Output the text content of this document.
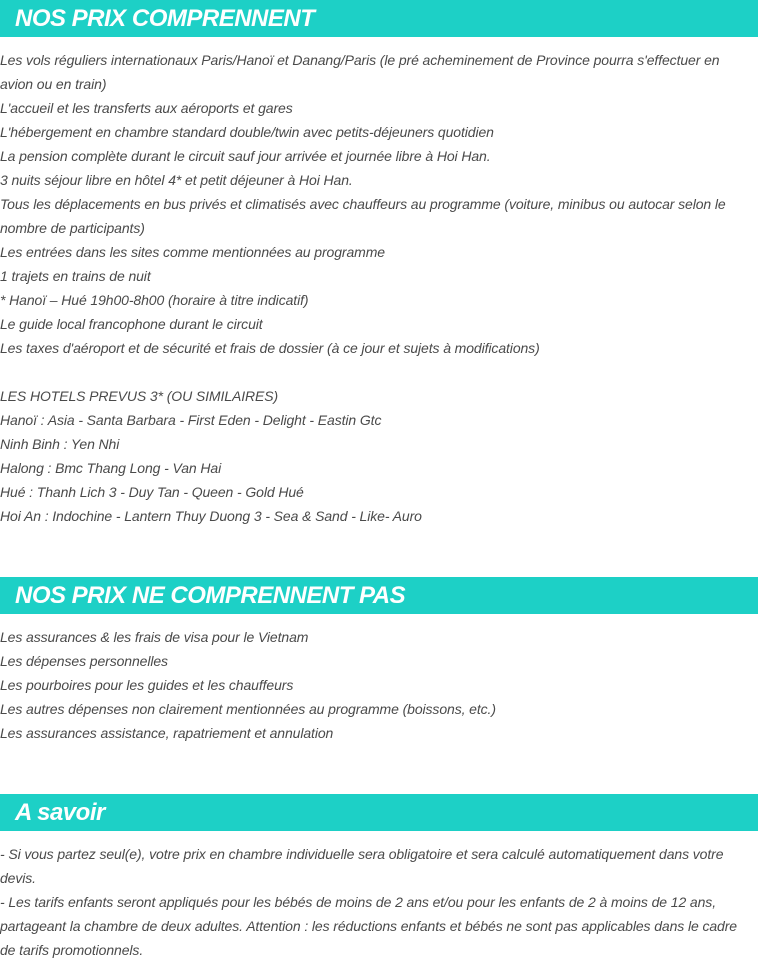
NOS PRIX COMPRENNENT

Les vols réguliers internationaux Paris/Hanoï et Danang/Paris (le pré acheminement de Province pourra s'effectuer en avion ou en train)

L'accueil et les transferts aux aéroports et gares

L'hébergement en chambre standard double/twin avec petits-déjeuners quotidien

La pension complète durant le circuit sauf jour arrivée et journée libre à Hoi Han.

3 nuits séjour libre en hôtel 4* et petit déjeuner à Hoi Han.

Tous les déplacements en bus privés et climatisés avec chauffeurs au programme (voiture, minibus ou autocar selon le nombre de participants)

Les entrées dans les sites comme mentionnées au programme

1 trajets en trains de nuit

* Hanoï – Hué 19h00-8h00 (horaire à titre indicatif)

Le guide local francophone durant le circuit

Les taxes d'aéroport et de sécurité et frais de dossier (à ce jour et sujets à modifications)

LES HOTELS PREVUS 3* (OU SIMILAIRES)

Hanoï : Asia - Santa Barbara - First Eden - Delight - Eastin Gtc

Ninh Binh : Yen Nhi

Halong : Bmc Thang Long - Van Hai

Hué : Thanh Lich 3 - Duy Tan - Queen - Gold Hué

Hoi An : Indochine - Lantern Thuy Duong 3 - Sea & Sand - Like- Auro

NOS PRIX NE COMPRENNENT PAS

Les assurances & les frais de visa pour le Vietnam

Les dépenses personnelles

Les pourboires pour les guides et les chauffeurs

Les autres dépenses non clairement mentionnées au programme (boissons, etc.)

Les assurances assistance, rapatriement et annulation

A savoir

- Si vous partez seul(e), votre prix en chambre individuelle sera obligatoire et sera calculé automatiquement dans votre devis.

- Les tarifs enfants seront appliqués pour les bébés de moins de 2 ans et/ou pour les enfants de 2 à moins de 12 ans, partageant la chambre de deux adultes. Attention : les réductions enfants et bébés ne sont pas applicables dans le cadre de tarifs promotionnels.
